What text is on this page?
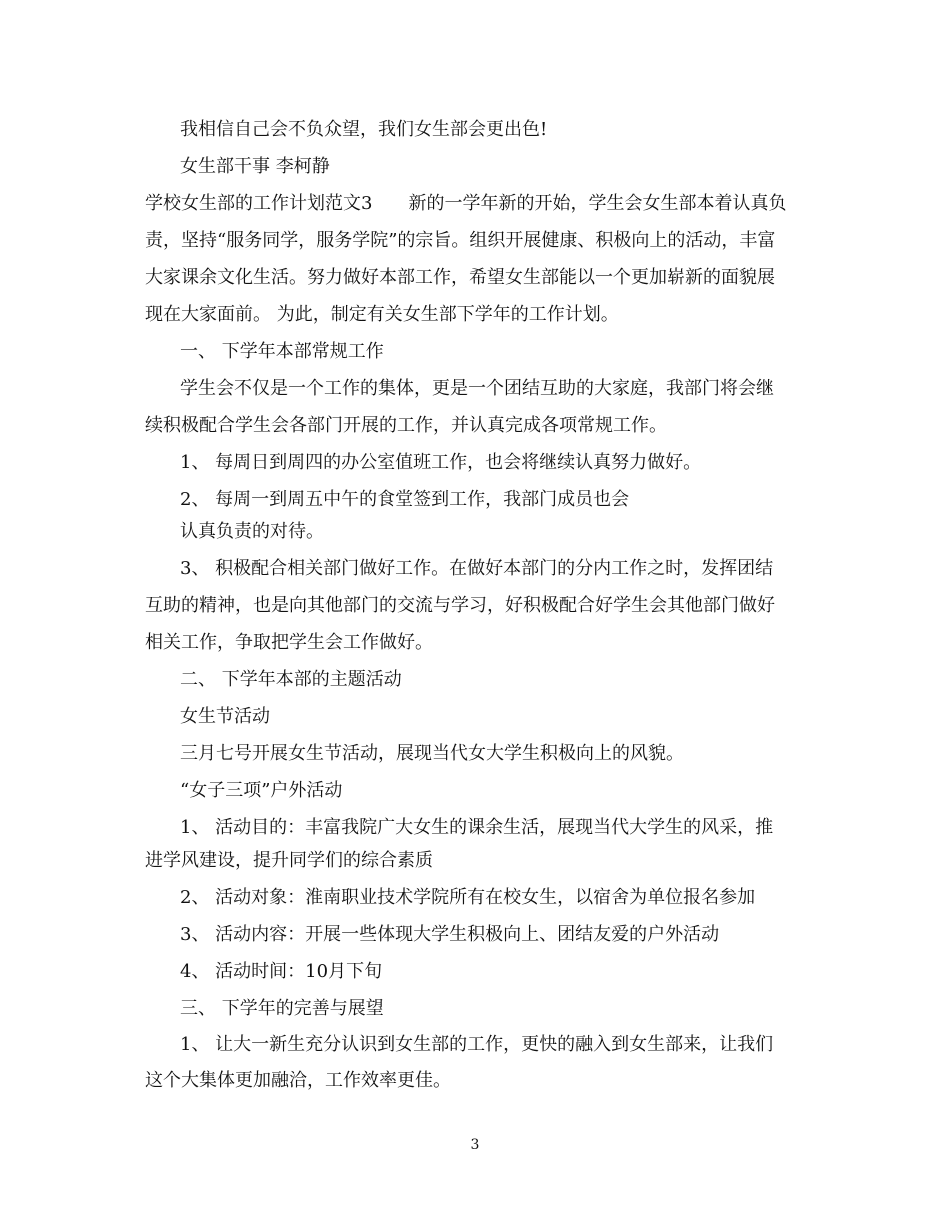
我相信自己会不负众望，我们女生部会更出色!
女生部干事 李柯静
学校女生部的工作计划范文3　　新的一学年新的开始，学生会女生部本着认真负
责，坚持“服务同学，服务学院”的宗旨。组织开展健康、积极向上的活动，丰富
大家课余文化生活。努力做好本部工作，希望女生部能以一个更加崭新的面貌展
现在大家面前。 为此，制定有关女生部下学年的工作计划。
一、 下学年本部常规工作
学生会不仅是一个工作的集体，更是一个团结互助的大家庭，我部门将会继
续积极配合学生会各部门开展的工作，并认真完成各项常规工作。
1、 每周日到周四的办公室值班工作，也会将继续认真努力做好。
2、 每周一到周五中午的食堂签到工作，我部门成员也会
认真负责的对待。
3、 积极配合相关部门做好工作。在做好本部门的分内工作之时，发挥团结
互助的精神，也是向其他部门的交流与学习，好积极配合好学生会其他部门做好
相关工作，争取把学生会工作做好。
二、 下学年本部的主题活动
女生节活动
三月七号开展女生节活动，展现当代女大学生积极向上的风貌。
“女子三项”户外活动
1、 活动目的：丰富我院广大女生的课余生活，展现当代大学生的风采，推
进学风建设，提升同学们的综合素质
2、 活动对象：淮南职业技术学院所有在校女生，以宿舍为单位报名参加
3、 活动内容：开展一些体现大学生积极向上、团结友爱的户外活动
4、 活动时间：10月下旬
三、 下学年的完善与展望
1、 让大一新生充分认识到女生部的工作，更快的融入到女生部来，让我们
这个大集体更加融洽，工作效率更佳。
3
